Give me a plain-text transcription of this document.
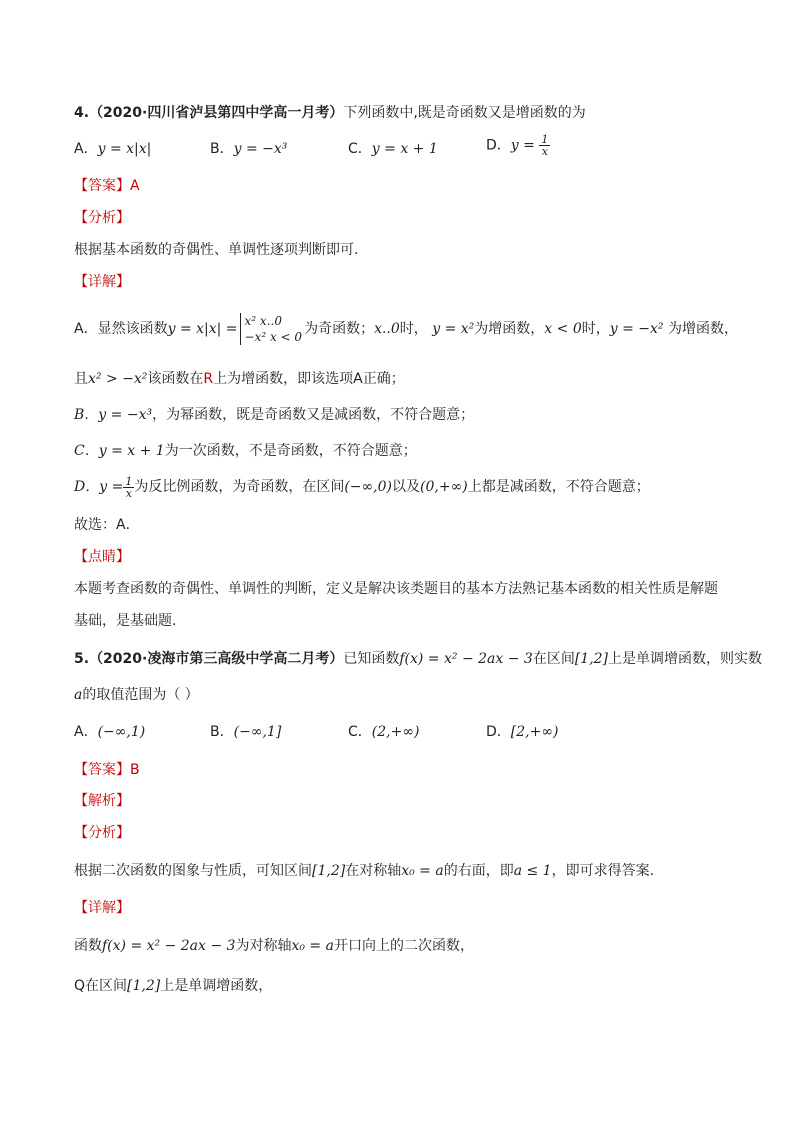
4.（2020·四川省泸县第四中学高一月考）下列函数中,既是奇函数又是增函数的为
A．y = x|x|	B．y = −x³	C．y = x + 1	D．$y = \frac{1}{x}$
【答案】A
【分析】
根据基本函数的奇偶性、单调性逐项判断即可.
【详解】
A．显然该函数y = x|x| = x² x..0
−x² x < 0 为奇函数；x..0时， y = x²为增函数，x < 0时，y = −x² 为增函数，
且x² > −x²该函数在R上为增函数，即该选项A正确；
B．y = −x³，为幂函数，既是奇函数又是减函数，不符合题意；
C．y = x + 1为一次函数，不是奇函数，不符合题意；
D．$y = \frac{1}{x}$ 为反比例函数，为奇函数，在区间(−∞,0)以及(0,+∞)上都是减函数，不符合题意；
故选：A．
【点睛】
本题考查函数的奇偶性、单调性的判断，定义是解决该类题目的基本方法熟记基本函数的相关性质是解题
基础，是基础题.
5.（2020·凌海市第三高级中学高二月考）已知函数f(x) = x² − 2ax − 3在区间[1,2]上是单调增函数，则实数
a的取值范围为（ ）
A．(−∞,1)	B．(−∞,1]	C．(2,+∞)	D．[2,+∞)
【答案】B
【解析】
【分析】
根据二次函数的图象与性质，可知区间[1,2]在对称轴x₀ = a的右面，即a ≤ 1，即可求得答案.
【详解】
函数f(x) = x² − 2ax − 3为对称轴x₀ = a开口向上的二次函数，
Q在区间[1,2]上是单调增函数，
